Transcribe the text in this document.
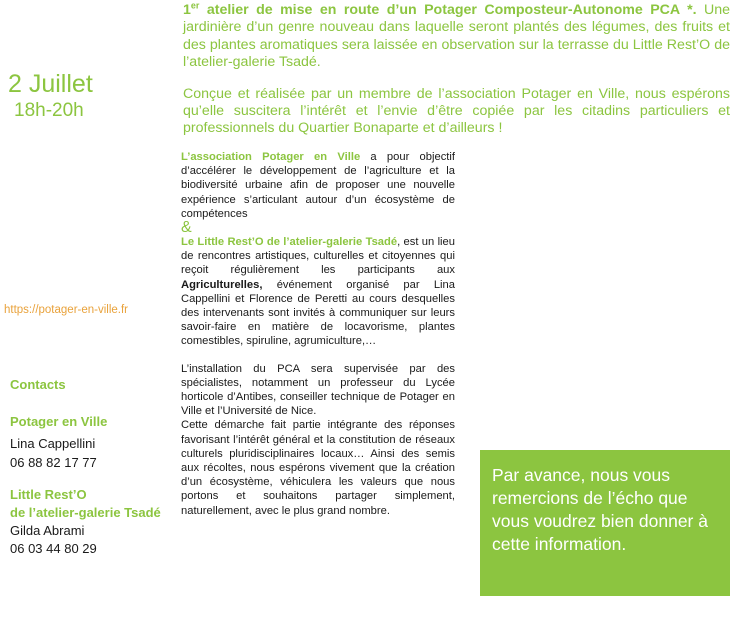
2 Juillet
18h-20h

1er atelier de mise en route d’un Potager Composteur-Autonome PCA *. Une jardinière d’un genre nouveau dans laquelle seront plantés des légumes, des fruits et des plantes aromatiques sera laissée en observation sur la terrasse du Little Rest’O de l’atelier-galerie Tsadé.

Conçue et réalisée par un membre de l’association Potager en Ville, nous espérons qu’elle suscitera l’intérêt et l’envie d’être copiée par les citadins particuliers et professionnels du Quartier Bonaparte et d’ailleurs !

L’association Potager en Ville a pour objectif d’accélérer le développement de l’agriculture et la biodiversité urbaine afin de proposer une nouvelle expérience s’articulant autour d’un écosystème de compétences

&

Le Little Rest’O de l’atelier-galerie Tsadé, est un lieu de rencontres artistiques, culturelles et citoyennes qui reçoit régulièrement les participants aux Agriculturelles, événement organisé par Lina Cappellini et Florence de Peretti au cours desquelles des intervenants sont invités à communiquer sur leurs savoir-faire en matière de locavorisme, plantes comestibles, spiruline, agrumiculture,…

L’installation du PCA sera supervisée par des spécialistes, notamment un professeur du Lycée horticole d’Antibes, conseiller technique de Potager en Ville et l’Université de Nice.

Cette démarche fait partie intégrante des réponses favorisant l’intérêt général et la constitution de réseaux culturels pluridisciplinaires locaux… Ainsi des semis aux récoltes, nous espérons vivement que la création d’un écosystème, véhiculera les valeurs que nous portons et souhaitons partager simplement, naturellement, avec le plus grand nombre.

https://potager-en-ville.fr
Contacts
Potager en Ville
Lina Cappellini
06 88 82 17 77
Little Rest’O
de l’atelier-galerie Tsadé
Gilda Abrami
06 03 44 80 29
Par avance, nous vous remercions de l’écho que vous voudrez bien donner à cette information.
